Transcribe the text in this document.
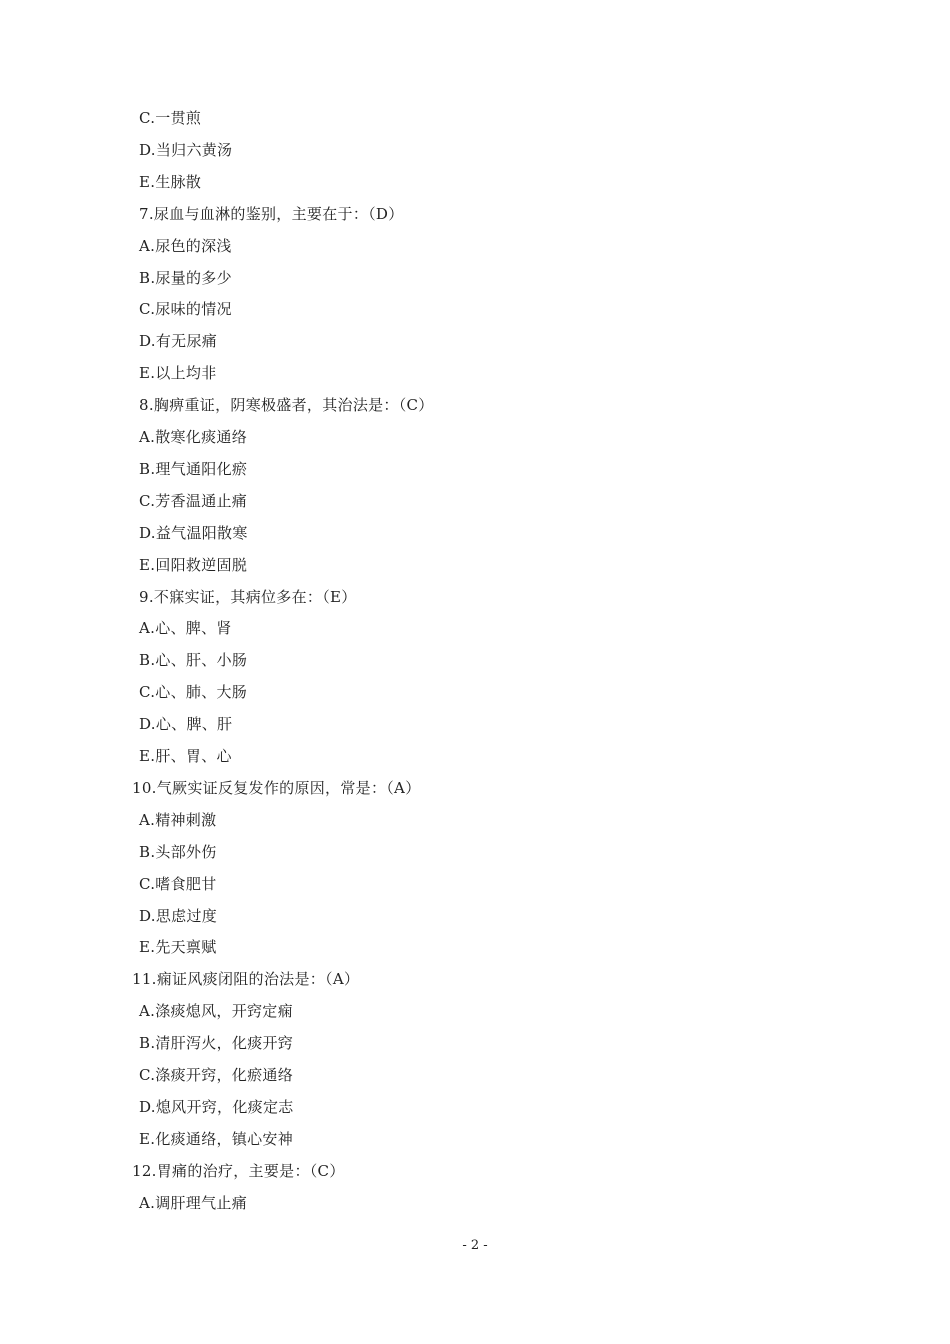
C.一贯煎
D.当归六黄汤
E.生脉散
7.尿血与血淋的鉴别，主要在于：（D）
A.尿色的深浅
B.尿量的多少
C.尿味的情况
D.有无尿痛
E.以上均非
8.胸痹重证，阴寒极盛者，其治法是：（C）
A.散寒化痰通络
B.理气通阳化瘀
C.芳香温通止痛
D.益气温阳散寒
E.回阳救逆固脱
9.不寐实证，其病位多在：（E）
A.心、脾、肾
B.心、肝、小肠
C.心、肺、大肠
D.心、脾、肝
E.肝、胃、心
10.气厥实证反复发作的原因，常是：（A）
A.精神刺激
B.头部外伤
C.嗜食肥甘
D.思虑过度
E.先天禀赋
11.痫证风痰闭阻的治法是：（A）
A.涤痰熄风，开窍定痫
B.清肝泻火，化痰开窍
C.涤痰开窍，化瘀通络
D.熄风开窍，化痰定志
E.化痰通络，镇心安神
12.胃痛的治疗，主要是：（C）
A.调肝理气止痛
- 2 -
